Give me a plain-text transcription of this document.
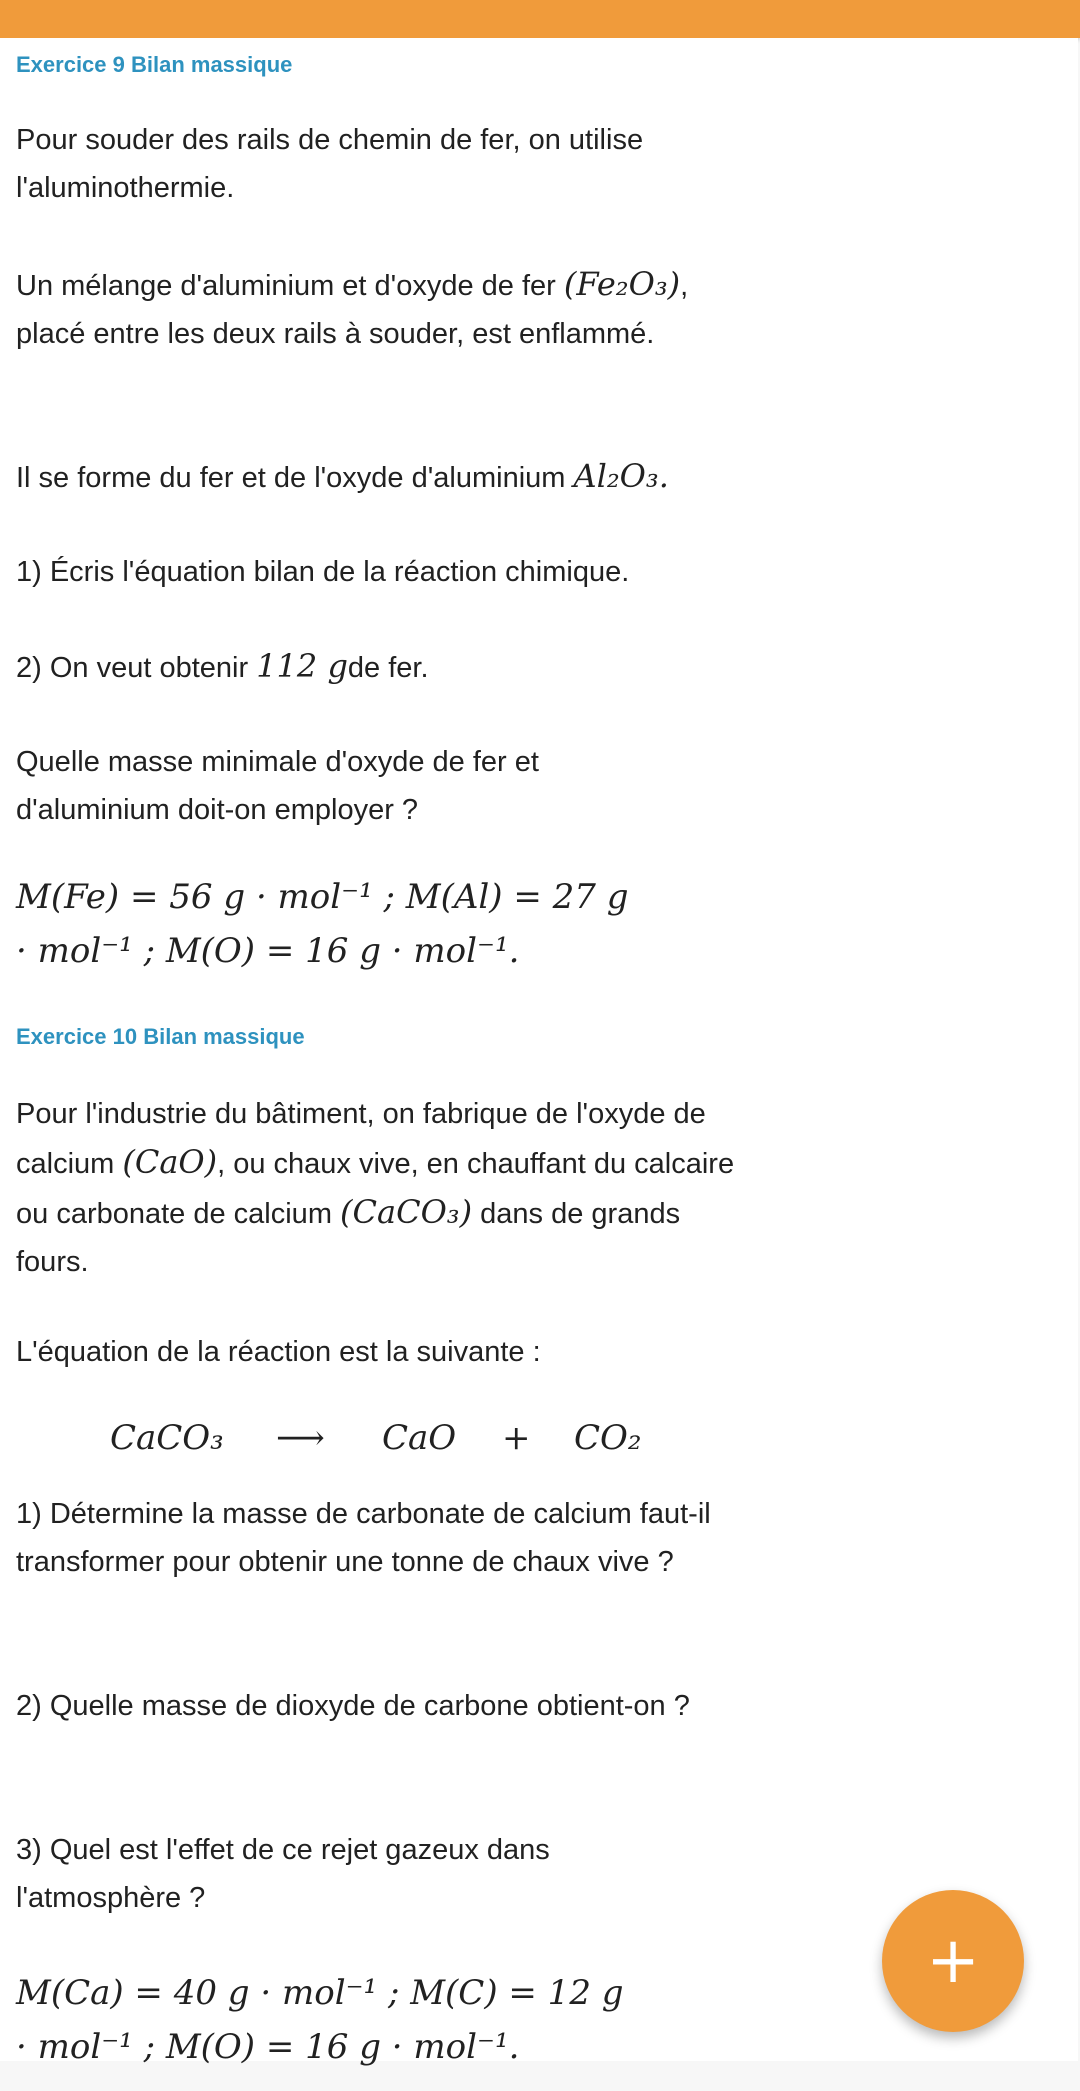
Exercice 9 Bilan massique

Pour souder des rails de chemin de fer, on utilise l'aluminothermie.

Un mélange d'aluminium et d'oxyde de fer (Fe₂O₃), placé entre les deux rails à souder, est enflammé.

Il se forme du fer et de l'oxyde d'aluminium Al₂O₃.

1) Écris l'équation bilan de la réaction chimique.

2) On veut obtenir 112 gde fer.

Quelle masse minimale d'oxyde de fer et d'aluminium doit-on employer ?

M(Fe) = 56 g · mol⁻¹ ; M(Al) = 27 g
· mol⁻¹ ; M(O) = 16 g · mol⁻¹.
Exercice 10 Bilan massique

Pour l'industrie du bâtiment, on fabrique de l'oxyde de calcium (CaO), ou chaux vive, en chauffant du calcaire ou carbonate de calcium (CaCO₃) dans de grands fours.

L'équation de la réaction est la suivante :

CaCO₃ ⟶ CaO + CO₂

1) Détermine la masse de carbonate de calcium faut-il transformer pour obtenir une tonne de chaux vive ?

2) Quelle masse de dioxyde de carbone obtient-on ?

3) Quel est l'effet de ce rejet gazeux dans l'atmosphère ?

M(Ca) = 40 g · mol⁻¹ ; M(C) = 12 g
· mol⁻¹ ; M(O) = 16 g · mol⁻¹.
+
